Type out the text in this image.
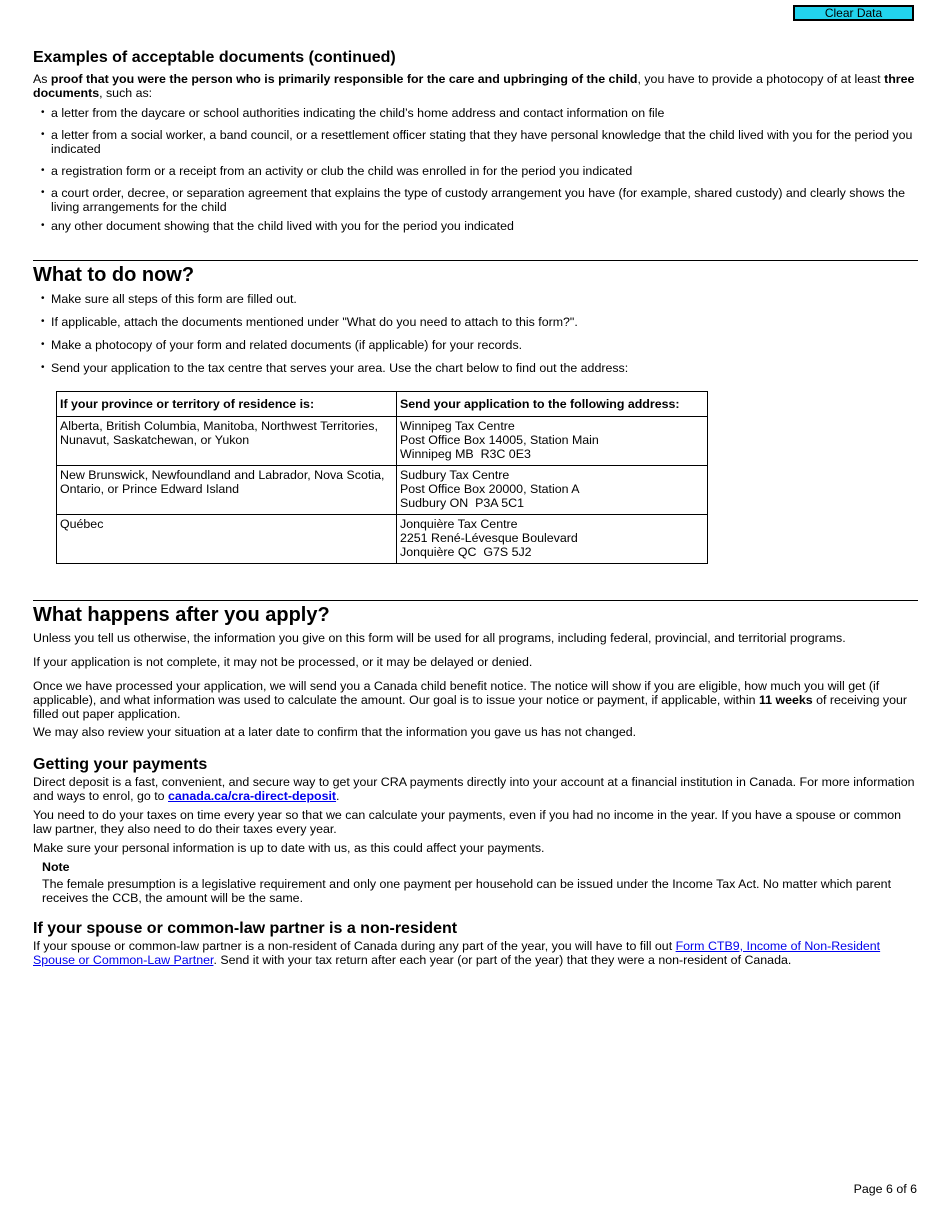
Clear Data
Examples of acceptable documents (continued)

As proof that you were the person who is primarily responsible for the care and upbringing of the child, you have to provide a photocopy of at least three documents, such as:

• a letter from the daycare or school authorities indicating the child’s home address and contact information on file
• a letter from a social worker, a band council, or a resettlement officer stating that they have personal knowledge that the child lived with you for the period you indicated
• a registration form or a receipt from an activity or club the child was enrolled in for the period you indicated
• a court order, decree, or separation agreement that explains the type of custody arrangement you have (for example, shared custody) and clearly shows the living arrangements for the child
• any other document showing that the child lived with you for the period you indicated
What to do now?
• Make sure all steps of this form are filled out.
• If applicable, attach the documents mentioned under "What do you need to attach to this form?".
• Make a photocopy of your form and related documents (if applicable) for your records.
• Send your application to the tax centre that serves your area. Use the chart below to find out the address:
If your province or territory of residence is:	Send your application to the following address:
Alberta, British Columbia, Manitoba, Northwest Territories, Nunavut, Saskatchewan, or Yukon	Winnipeg Tax Centre
Post Office Box 14005, Station Main
Winnipeg MB  R3C 0E3

New Brunswick, Newfoundland and Labrador, Nova Scotia, Ontario, or Prince Edward Island	Sudbury Tax Centre
Post Office Box 20000, Station A
Sudbury ON  P3A 5C1

Québec	Jonquière Tax Centre
2251 René-Lévesque Boulevard
Jonquière QC  G7S 5J2
What happens after you apply?

Unless you tell us otherwise, the information you give on this form will be used for all programs, including federal, provincial, and territorial programs.

If your application is not complete, it may not be processed, or it may be delayed or denied.

Once we have processed your application, we will send you a Canada child benefit notice. The notice will show if you are eligible, how much you will get (if applicable), and what information was used to calculate the amount. Our goal is to issue your notice or payment, if applicable, within 11 weeks of receiving your filled out paper application.

We may also review your situation at a later date to confirm that the information you gave us has not changed.

Getting your payments

Direct deposit is a fast, convenient, and secure way to get your CRA payments directly into your account at a financial institution in Canada. For more information and ways to enrol, go to canada.ca/cra-direct-deposit.

You need to do your taxes on time every year so that we can calculate your payments, even if you had no income in the year. If you have a spouse or common law partner, they also need to do their taxes every year.

Make sure your personal information is up to date with us, as this could affect your payments.

Note

The female presumption is a legislative requirement and only one payment per household can be issued under the Income Tax Act. No matter which parent receives the CCB, the amount will be the same.

If your spouse or common-law partner is a non-resident

If your spouse or common-law partner is a non-resident of Canada during any part of the year, you will have to fill out Form CTB9, Income of Non-Resident Spouse or Common-Law Partner. Send it with your tax return after each year (or part of the year) that they were a non-resident of Canada.

Page 6 of 6
